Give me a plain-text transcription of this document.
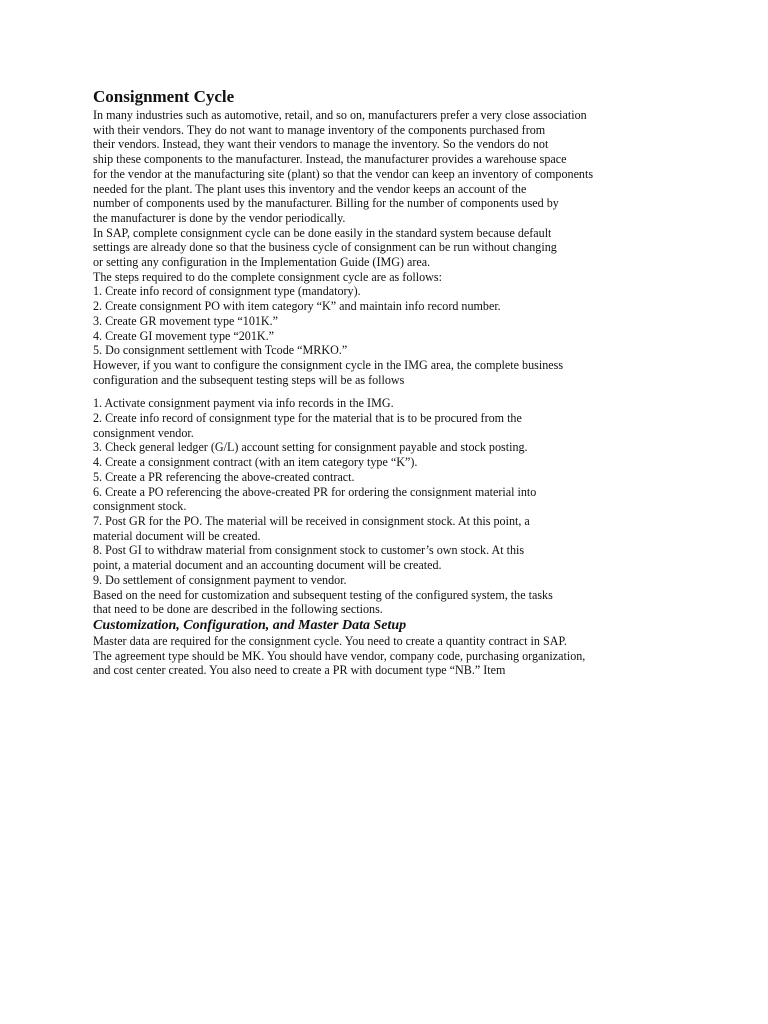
Consignment Cycle

In many industries such as automotive, retail, and so on, manufacturers prefer a very close association

with their vendors. They do not want to manage inventory of the components purchased from

their vendors. Instead, they want their vendors to manage the inventory. So the vendors do not

ship these components to the manufacturer. Instead, the manufacturer provides a warehouse space

for the vendor at the manufacturing site (plant) so that the vendor can keep an inventory of components

needed for the plant. The plant uses this inventory and the vendor keeps an account of the

number of components used by the manufacturer. Billing for the number of components used by

the manufacturer is done by the vendor periodically.

In SAP, complete consignment cycle can be done easily in the standard system because default

settings are already done so that the business cycle of consignment can be run without changing

or setting any configuration in the Implementation Guide (IMG) area.

The steps required to do the complete consignment cycle are as follows:

1. Create info record of consignment type (mandatory).

2. Create consignment PO with item category “K” and maintain info record number.

3. Create GR movement type “101K.”

4. Create GI movement type “201K.”

5. Do consignment settlement with Tcode “MRKO.”

However, if you want to configure the consignment cycle in the IMG area, the complete business

configuration and the subsequent testing steps will be as follows

1. Activate consignment payment via info records in the IMG.

2. Create info record of consignment type for the material that is to be procured from the

consignment vendor.

3. Check general ledger (G/L) account setting for consignment payable and stock posting.

4. Create a consignment contract (with an item category type “K”).

5. Create a PR referencing the above-created contract.

6. Create a PO referencing the above-created PR for ordering the consignment material into

consignment stock.

7. Post GR for the PO. The material will be received in consignment stock. At this point, a

material document will be created.

8. Post GI to withdraw material from consignment stock to customer’s own stock. At this

point, a material document and an accounting document will be created.

9. Do settlement of consignment payment to vendor.

Based on the need for customization and subsequent testing of the configured system, the tasks

that need to be done are described in the following sections.

Customization, Configuration, and Master Data Setup

Master data are required for the consignment cycle. You need to create a quantity contract in SAP.

The agreement type should be MK. You should have vendor, company code, purchasing organization,

and cost center created. You also need to create a PR with document type “NB.” Item
